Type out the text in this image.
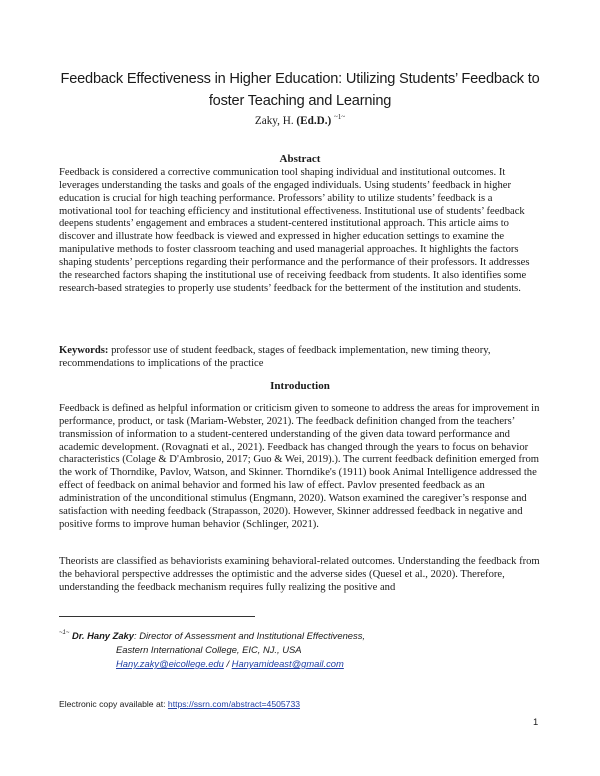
Feedback Effectiveness in Higher Education: Utilizing Students’ Feedback to foster Teaching and Learning
Zaky, H. (Ed.D.) $^{\sim 1\sim}$
Abstract
Feedback is considered a corrective communication tool shaping individual and institutional outcomes. It leverages understanding the tasks and goals of the engaged individuals. Using students’ feedback in higher education is crucial for high teaching performance. Professors’ ability to utilize students’ feedback is a motivational tool for teaching efficiency and institutional effectiveness. Institutional use of students’ feedback deepens students’ engagement and embraces a student-centered institutional approach. This article aims to discover and illustrate how feedback is viewed and expressed in higher education settings to examine the manipulative methods to foster classroom teaching and used managerial approaches. It highlights the factors shaping students’ perceptions regarding their performance and the performance of their professors. It addresses the researched factors shaping the institutional use of receiving feedback from students. It also identifies some research-based strategies to properly use students’ feedback for the betterment of the institution and students.
Keywords: professor use of student feedback, stages of feedback implementation, new timing theory, recommendations to implications of the practice
Introduction
Feedback is defined as helpful information or criticism given to someone to address the areas for improvement in performance, product, or task (Mariam-Webster, 2021). The feedback definition changed from the teachers’ transmission of information to a student-centered understanding of the given data toward performance and academic development. (Rovagnati et al., 2021). Feedback has changed through the years to focus on behavior characteristics (Colage & D'Ambrosio, 2017; Guo & Wei, 2019).). The current feedback definition emerged from the work of Thorndike, Pavlov, Watson, and Skinner. Thorndike's (1911) book Animal Intelligence addressed the effect of feedback on animal behavior and formed his law of effect. Pavlov presented feedback as an administration of the unconditional stimulus (Engmann, 2020). Watson examined the caregiver’s response and satisfaction with needing feedback (Strapasson, 2020). However, Skinner addressed feedback in negative and positive forms to improve human behavior (Schlinger, 2021).
Theorists are classified as behaviorists examining behavioral-related outcomes. Understanding the feedback from the behavioral perspective addresses the optimistic and the adverse sides (Quesel et al., 2020). Therefore, understanding the feedback mechanism requires fully realizing the positive and
$^{\sim 1\sim}$ Dr. Hany Zaky: Director of Assessment and Institutional Effectiveness,
Eastern International College, EIC, NJ., USA
Hany.zaky@eicollege.edu / Hanyamideast@gmail.com
Electronic copy available at: https://ssrn.com/abstract=4505733
1
